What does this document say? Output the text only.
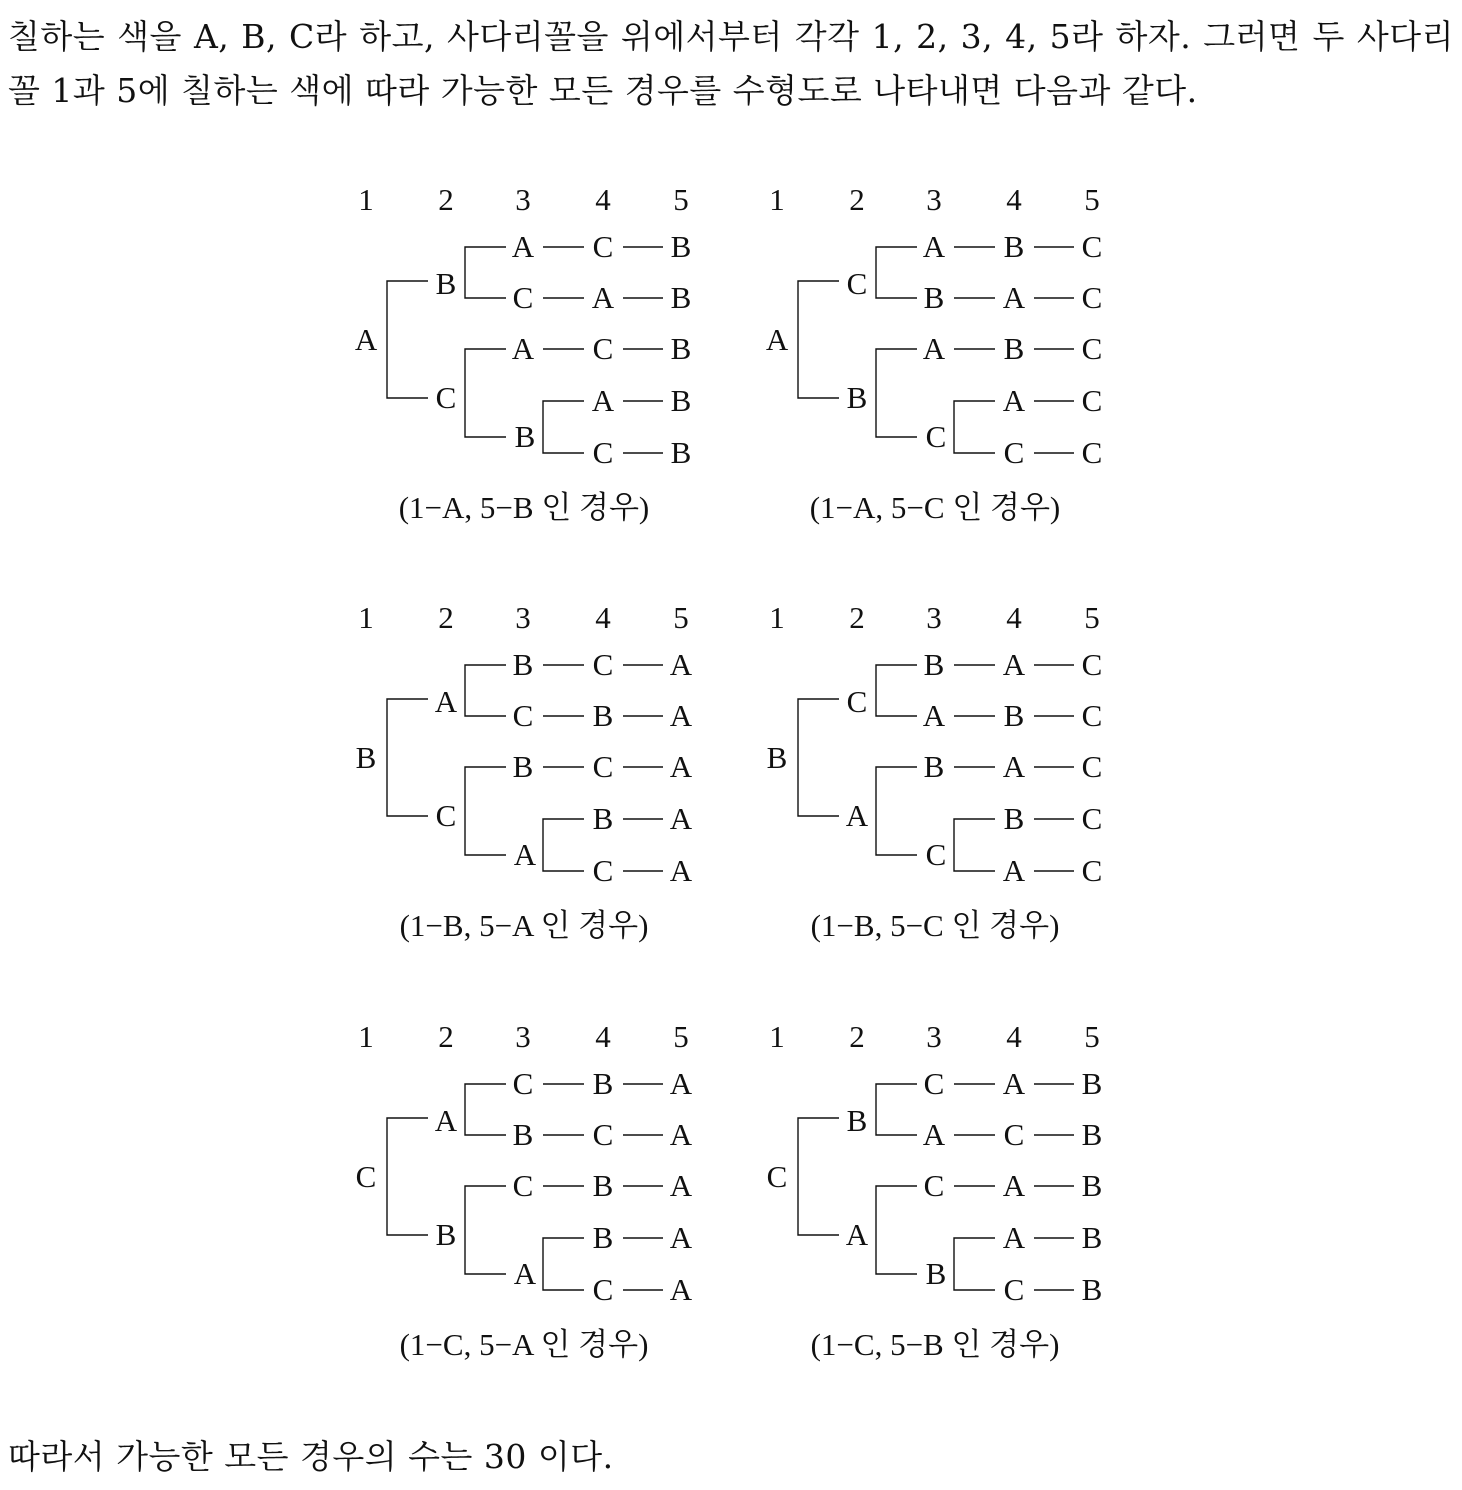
칠하는 색을 A, B, C라 하고, 사다리꼴을 위에서부터 각각 1, 2, 3, 4, 5라 하자. 그러면 두 사다리꼴 1과 5에 칠하는 색에 따라 가능한 모든 경우를 수형도로 나타내면 다음과 같다.

1 2 3 4 5
A
B
C
A C B
C A B
A C B
B
A B
C B
(1−A, 5−B 인 경우)
1 2 3 4 5
A
C
B
A B C
B A C
A B C
C
A C
C C
(1−A, 5−C 인 경우)
1 2 3 4 5
B
A
C
B C A
C B A
B C A
A
B A
C A
(1−B, 5−A 인 경우)
1 2 3 4 5
B
C
A
B A C
A B C
B A C
C
B C
A C
(1−B, 5−C 인 경우)
1 2 3 4 5
C
A
B
C B A
B C A
C B A
A
B A
C A
(1−C, 5−A 인 경우)
1 2 3 4 5
C
B
A
C A B
A C B
C A B
B
A B
C B
(1−C, 5−B 인 경우)

따라서 가능한 모든 경우의 수는 30 이다.
